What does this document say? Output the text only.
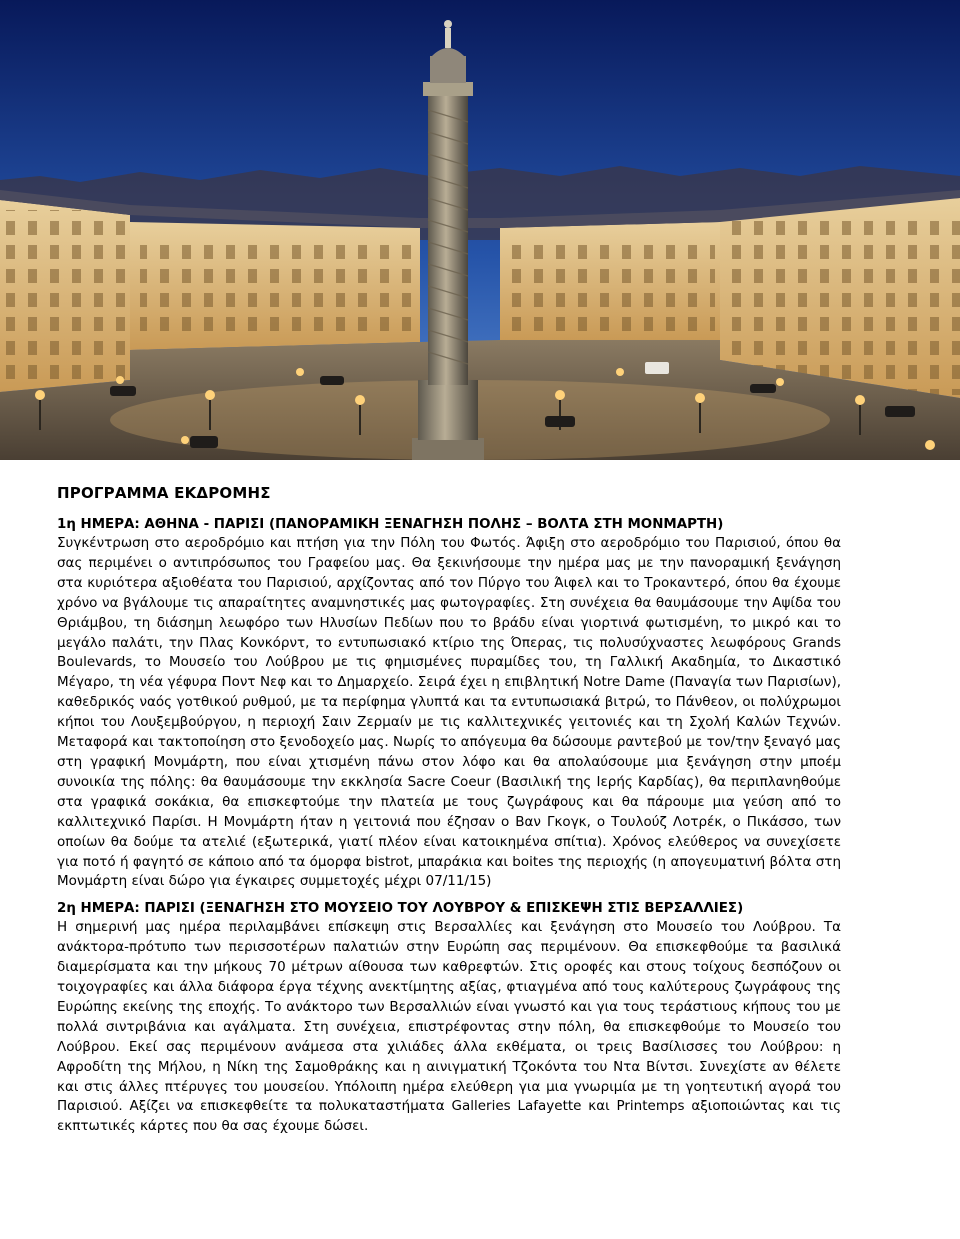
ΠΡΟΓΡΑΜΜΑ ΕΚΔΡΟΜΗΣ

1η ΗΜΕΡΑ: ΑΘΗΝΑ - ΠΑΡΙΣΙ (ΠΑΝΟΡΑΜΙΚΗ ΞΕΝΑΓΗΣΗ ΠΟΛΗΣ – ΒΟΛΤΑ ΣΤΗ ΜΟΝΜΑΡΤΗ)

Συγκέντρωση στο αεροδρόμιο και πτήση για την Πόλη του Φωτός. Άφιξη στο αεροδρόμιο του Παρισιού, όπου θα σας περιμένει ο αντιπρόσωπος του Γραφείου μας. Θα ξεκινήσουμε την ημέρα μας με την πανοραμική ξενάγηση στα κυριότερα αξιοθέατα του Παρισιού, αρχίζοντας από τον Πύργο του Άιφελ και το Τροκαντερό, όπου θα έχουμε χρόνο να βγάλουμε τις απαραίτητες αναμνηστικές μας φωτογραφίες. Στη συνέχεια θα θαυμάσουμε την Αψίδα του Θριάμβου, τη διάσημη λεωφόρο των Ηλυσίων Πεδίων που το βράδυ είναι γιορτινά φωτισμένη, το μικρό και το μεγάλο παλάτι, την Πλας Κονκόρντ, το εντυπωσιακό κτίριο της Όπερας, τις πολυσύχναστες λεωφόρους Grands Boulevards, το Μουσείο του Λούβρου με τις φημισμένες πυραμίδες του, τη Γαλλική Ακαδημία, το Δικαστικό Μέγαρο, τη νέα γέφυρα Ποντ Νεφ και το Δημαρχείο. Σειρά έχει η επιβλητική Notre Dame (Παναγία των Παρισίων), καθεδρικός ναός γοτθικού ρυθμού, με τα περίφημα γλυπτά και τα εντυπωσιακά βιτρώ, το Πάνθεον, οι πολύχρωμοι κήποι του Λουξεμβούργου, η περιοχή Σαιν Ζερμαίν με τις καλλιτεχνικές γειτονιές και τη Σχολή Καλών Τεχνών. Μεταφορά και τακτοποίηση στο ξενοδοχείο μας. Νωρίς το απόγευμα θα δώσουμε ραντεβού με τον/την ξεναγό μας στη γραφική Μονμάρτη, που είναι χτισμένη πάνω στον λόφο και θα απολαύσουμε μια ξενάγηση στην μποέμ συνοικία της πόλης: θα θαυμάσουμε την εκκλησία Sacre Coeur (Βασιλική της Ιερής Καρδίας), θα περιπλανηθούμε στα γραφικά σοκάκια, θα επισκεφτούμε την πλατεία με τους ζωγράφους και θα πάρουμε μια γεύση από το καλλιτεχνικό Παρίσι. Η Μονμάρτη ήταν η γειτονιά που έζησαν ο Βαν Γκογκ, ο Τουλούζ Λοτρέκ, ο Πικάσσο, των οποίων θα δούμε τα ατελιέ (εξωτερικά, γιατί πλέον είναι κατοικημένα σπίτια). Χρόνος ελεύθερος να συνεχίσετε για ποτό ή φαγητό σε κάποιο από τα όμορφα bistrot, μπαράκια και boites της περιοχής (η απογευματινή βόλτα στη Μονμάρτη είναι δώρο για έγκαιρες συμμετοχές μέχρι 07/11/15)

2η ΗΜΕΡΑ: ΠΑΡΙΣΙ (ΞΕΝΑΓΗΣΗ ΣΤΟ ΜΟΥΣΕΙΟ ΤΟΥ ΛΟΥΒΡΟΥ & ΕΠΙΣΚΕΨΗ ΣΤΙΣ ΒΕΡΣΑΛΛΙΕΣ)

Η σημερινή μας ημέρα περιλαμβάνει επίσκεψη στις Βερσαλλίες και ξενάγηση στο Μουσείο του Λούβρου. Τα ανάκτορα-πρότυπο των περισσοτέρων παλατιών στην Ευρώπη σας περιμένουν. Θα επισκεφθούμε τα βασιλικά διαμερίσματα και την μήκους 70 μέτρων αίθουσα των καθρεφτών. Στις οροφές και στους τοίχους δεσπόζουν οι τοιχογραφίες και άλλα διάφορα έργα τέχνης ανεκτίμητης αξίας, φτιαγμένα από τους καλύτερους ζωγράφους της Ευρώπης εκείνης της εποχής. Το ανάκτορο των Βερσαλλιών είναι γνωστό και για τους τεράστιους κήπους του με πολλά σιντριβάνια και αγάλματα. Στη συνέχεια, επιστρέφοντας στην πόλη, θα επισκεφθούμε το Μουσείο του Λούβρου. Εκεί σας περιμένουν ανάμεσα στα χιλιάδες άλλα εκθέματα, οι τρεις Βασίλισσες του Λούβρου: η Αφροδίτη της Μήλου, η Νίκη της Σαμοθράκης και η αινιγματική Τζοκόντα του Ντα Βίντσι. Συνεχίστε αν θέλετε και στις άλλες πτέρυγες του μουσείου. Υπόλοιπη ημέρα ελεύθερη για μια γνωριμία με τη γοητευτική αγορά του Παρισιού. Αξίζει να επισκεφθείτε τα πολυκαταστήματα Galleries Lafayette και Printemps αξιοποιώντας και τις εκπτωτικές κάρτες που θα σας έχουμε δώσει.
